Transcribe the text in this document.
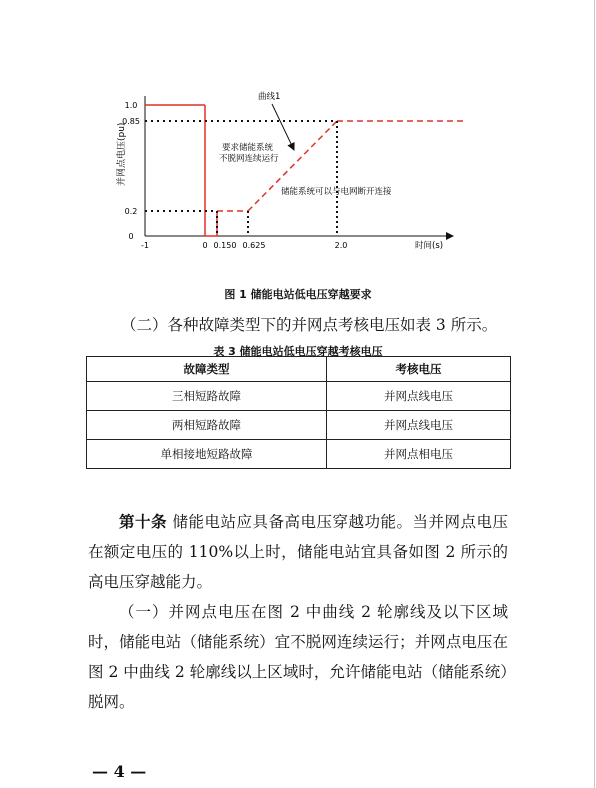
1.0
0.85
0.2
0
-1	0 0.150 0.625	2.0
曲线1
要求储能系统
不脱网连续运行
储能系统可以与电网断开连接
时间(s)
并网点电压(pu)
图 1 储能电站低电压穿越要求
（二）各种故障类型下的并网点考核电压如表 3 所示。
表 3 储能电站低电压穿越考核电压
故障类型	考核电压
三相短路故障	并网点线电压
两相短路故障	并网点线电压
单相接地短路故障	并网点相电压

第十条 储能电站应具备高电压穿越功能。当并网点电压在额定电压的 110%以上时，储能电站宜具备如图 2 所示的高电压穿越能力。

（一）并网点电压在图 2 中曲线 2 轮廓线及以下区域时，储能电站（储能系统）宜不脱网连续运行；并网点电压在图 2 中曲线 2 轮廓线以上区域时，允许储能电站（储能系统）脱网。

— 4 —
